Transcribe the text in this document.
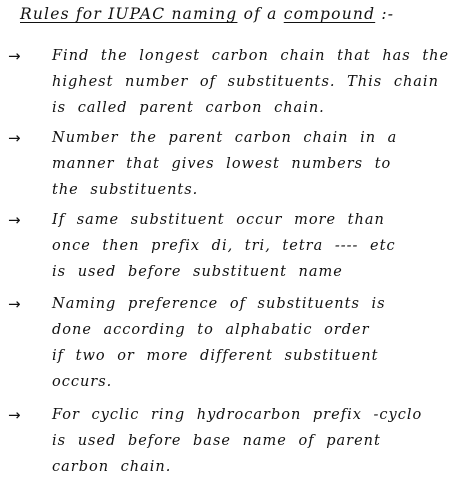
Rules for IUPAC naming of a compound :-
→ Find the longest carbon chain that has the
highest number of substituents. This chain
is called parent carbon chain.
→ Number the parent carbon chain in a
manner that gives lowest numbers to
the substituents.
→ If same substituent occur more than
once then prefix di, tri, tetra ---- etc
is used before substituent name
→ Naming preference of substituents is
done according to alphabatic order
if two or more different substituent
occurs.
→ For cyclic ring hydrocarbon prefix -cyclo
is used before base name of parent
carbon chain.
